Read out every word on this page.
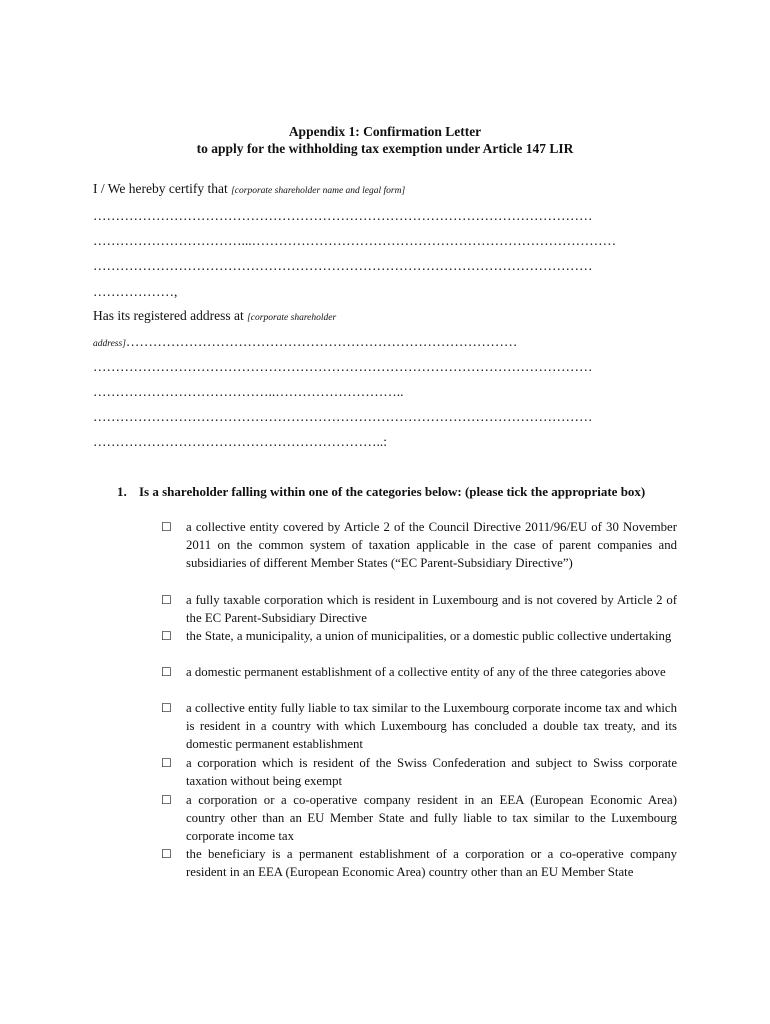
Appendix 1: Confirmation Letter
to apply for the withholding tax exemption under Article 147 LIR
I / We hereby certify that [corporate shareholder name and legal form]
…………………………………………………………………………………………………
……………………………...………………………………………………………………………
…………………………………………………………………………………………………
………………,
Has its registered address at [corporate shareholder
address]……………………………………………………………………………
…………………………………………………………………………………………………
…………………………………..………………………..
…………………………………………………………………………………………………
………………………………………………………..:
1. Is a shareholder falling within one of the categories below: (please tick the appropriate box)
☐ a collective entity covered by Article 2 of the Council Directive 2011/96/EU of 30 November 2011 on the common system of taxation applicable in the case of parent companies and subsidiaries of different Member States (“EC Parent-Subsidiary Directive”)
☐ a fully taxable corporation which is resident in Luxembourg and is not covered by Article 2 of the EC Parent-Subsidiary Directive
☐ the State, a municipality, a union of municipalities, or a domestic public collective undertaking
☐ a domestic permanent establishment of a collective entity of any of the three categories above
☐ a collective entity fully liable to tax similar to the Luxembourg corporate income tax and which is resident in a country with which Luxembourg has concluded a double tax treaty, and its domestic permanent establishment
☐ a corporation which is resident of the Swiss Confederation and subject to Swiss corporate taxation without being exempt
☐ a corporation or a co-operative company resident in an EEA (European Economic Area) country other than an EU Member State and fully liable to tax similar to the Luxembourg corporate income tax
☐ the beneficiary is a permanent establishment of a corporation or a co-operative company resident in an EEA (European Economic Area) country other than an EU Member State
